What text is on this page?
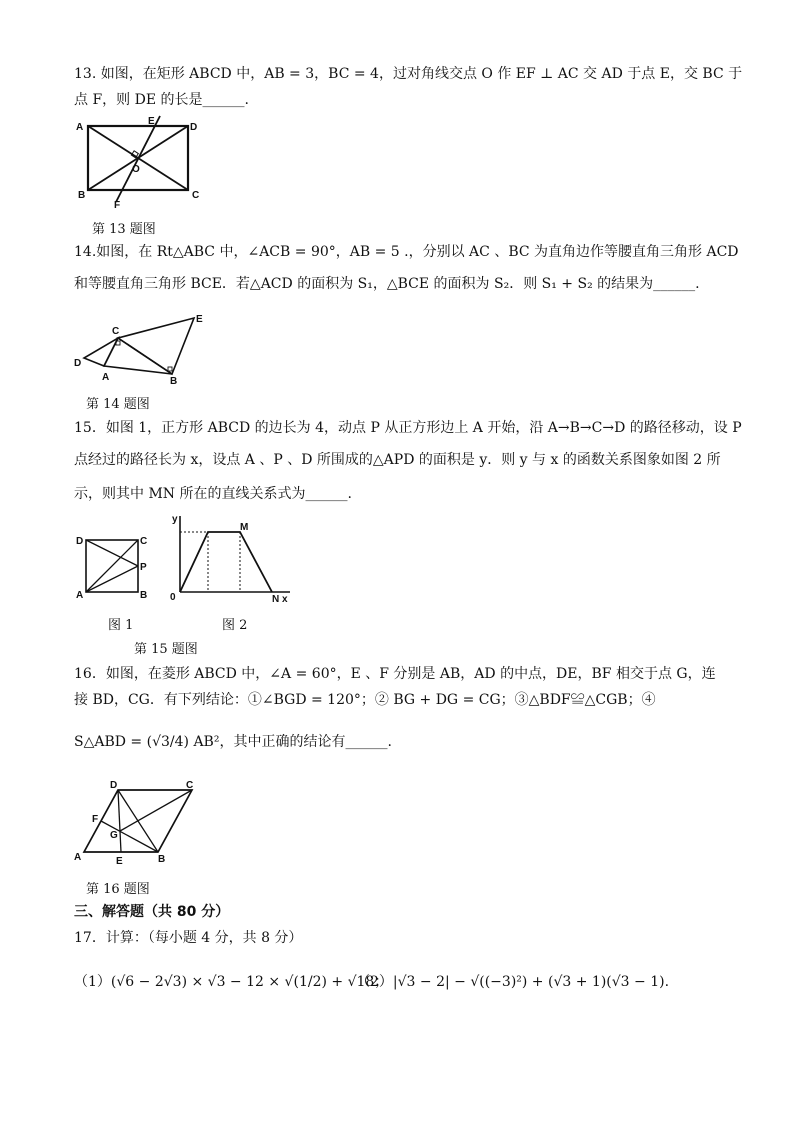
13. 如图，在矩形 ABCD 中，AB = 3，BC = 4，过对角线交点 O 作 EF ⊥ AC 交 AD 于点 E，交 BC 于
点 F，则 DE 的长是______.
A
B	C
D
E
F
O
第 13 题图
14.如图，在 Rt△ABC 中，∠ACB = 90°，AB = 5 .，分别以 AC 、BC 为直角边作等腰直角三角形 ACD
和等腰直角三角形 BCE．若△ACD 的面积为 S₁，△BCE 的面积为 S₂．则 S₁ + S₂ 的结果为______.
A	B
C
D
E
第 14 题图
15．如图 1，正方形 ABCD 的边长为 4，动点 P 从正方形边上 A 开始，沿 A→B→C→D 的路径移动，设 P
点经过的路径长为 x，设点 A 、P 、D 所围成的△APD 的面积是 y．则 y 与 x 的函数关系图象如图 2 所
示，则其中 MN 所在的直线关系式为______.
D	C
P
A	B
图 1
y
0
M
N x
图 2
第 15 题图
16．如图，在菱形 ABCD 中，∠A = 60°，E 、F 分别是 AB，AD 的中点，DE，BF 相交于点 G，连
接 BD，CG．有下列结论：①∠BGD = 120°；② BG + DG = CG；③△BDF≌△CGB；④
S△ABD = (√3/4) AB²，其中正确的结论有______.
A	B
C
D
E
F
G
第 16 题图
三、解答题（共 80 分）
17．计算：（每小题 4 分，共 8 分）
（1）(√6 − 2√3) × √3 − 12 × √(1/2) + √18；
（2）|√3 − 2| − √((−3)²) + (√3 + 1)(√3 − 1).
